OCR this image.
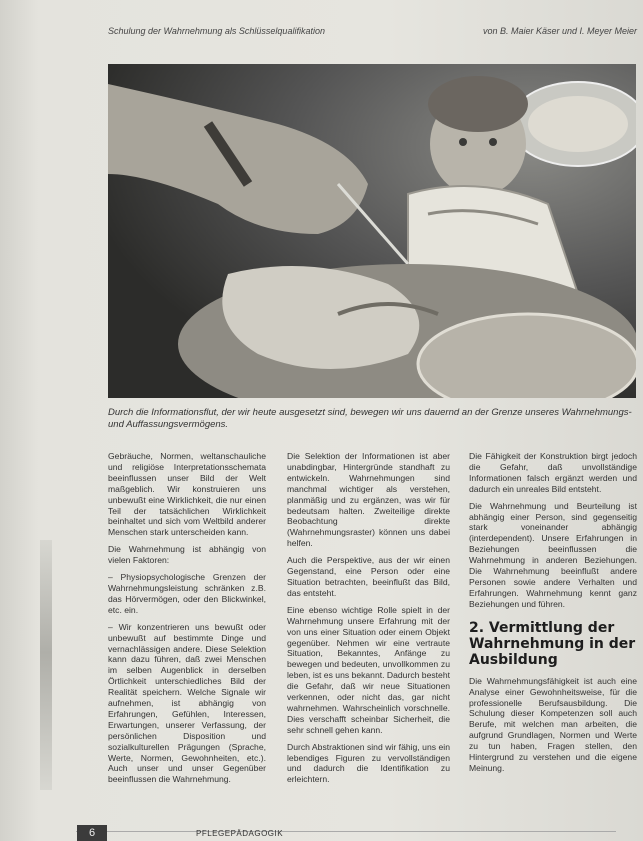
Schulung der Wahrnehmung als Schlüsselqualifikation	von B. Maier Käser und I. Meyer Meier
Durch die Informationsflut, der wir heute ausgesetzt sind, bewegen wir uns dauernd an der Grenze unseres Wahrnehmungs- und Auffassungsvermögens.

Gebräuche, Normen, weltanschauliche und religiöse Interpretationsschemata beeinflussen unser Bild der Welt maßgeblich. Wir konstruieren uns unbewußt eine Wirklichkeit, die nur einen Teil der tatsächlichen Wirklichkeit beinhaltet und sich vom Weltbild anderer Menschen stark unterscheiden kann.

Die Wahrnehmung ist abhängig von vielen Faktoren:

– Physiopsychologische Grenzen der Wahrnehmungsleistung schränken z.B. das Hörvermögen, oder den Blickwinkel, etc. ein.

– Wir konzentrieren uns bewußt oder unbewußt auf bestimmte Dinge und vernachlässigen andere. Diese Selektion kann dazu führen, daß zwei Menschen im selben Augenblick in derselben Örtlichkeit unterschiedliches Bild der Realität speichern. Welche Signale wir aufnehmen, ist abhängig von Erfahrungen, Gefühlen, Interessen, Erwartungen, unserer Verfassung, der persönlichen Disposition und sozialkulturellen Prägungen (Sprache, Werte, Normen, Gewohnheiten, etc.). Auch unser und unser Gegenüber beeinflussen die Wahrnehmung.

Die Selektion der Informationen ist aber unabdingbar, Hintergründe standhaft zu entwickeln. Wahrnehmungen sind manchmal wichtiger als verstehen, planmäßig und zu ergänzen, was wir für bedeutsam halten. Zweiteilige direkte Beobachtung direkte (Wahrnehmungsraster) können uns dabei helfen.

Auch die Perspektive, aus der wir einen Gegenstand, eine Person oder eine Situation betrachten, beeinflußt das Bild, das entsteht.

Eine ebenso wichtige Rolle spielt in der Wahrnehmung unsere Erfahrung mit der von uns einer Situation oder einem Objekt gegenüber. Nehmen wir eine vertraute Situation, Bekanntes, Anfänge zu bewegen und bedeuten, unvollkommen zu leben, ist es uns bekannt. Dadurch besteht die Gefahr, daß wir neue Situationen verkennen, oder nicht das, gar nicht wahrnehmen. Wahrscheinlich vorschnelle. Dies verschafft scheinbar Sicherheit, die sehr schnell gehen kann.

Durch Abstraktionen sind wir fähig, uns ein lebendiges Figuren zu vervollständigen und dadurch die Identifikation zu erleichtern.

Die Fähigkeit der Konstruktion birgt jedoch die Gefahr, daß unvollständige Informationen falsch ergänzt werden und dadurch ein unreales Bild entsteht.

Die Wahrnehmung und Beurteilung ist abhängig einer Person, sind gegenseitig stark voneinander abhängig (interdependent). Unsere Erfahrungen in Beziehungen beeinflussen die Wahrnehmung in anderen Beziehungen. Die Wahrnehmung beeinflußt andere Personen sowie andere Verhalten und Erfahrungen. Wahrnehmung kennt ganz Beziehungen und führen.

2. Vermittlung der Wahrnehmung in der Ausbildung

Die Wahrnehmungsfähigkeit ist auch eine Analyse einer Gewohnheitsweise, für die professionelle Berufsausbildung. Die Schulung dieser Kompetenzen soll auch Berufe, mit welchen man arbeiten, die aufgrund Grundlagen, Normen und Werte zu tun haben, Fragen stellen, den Hintergrund zu verstehen und die eigene Meinung.

6	PFLEGEPÄDAGOGIK
